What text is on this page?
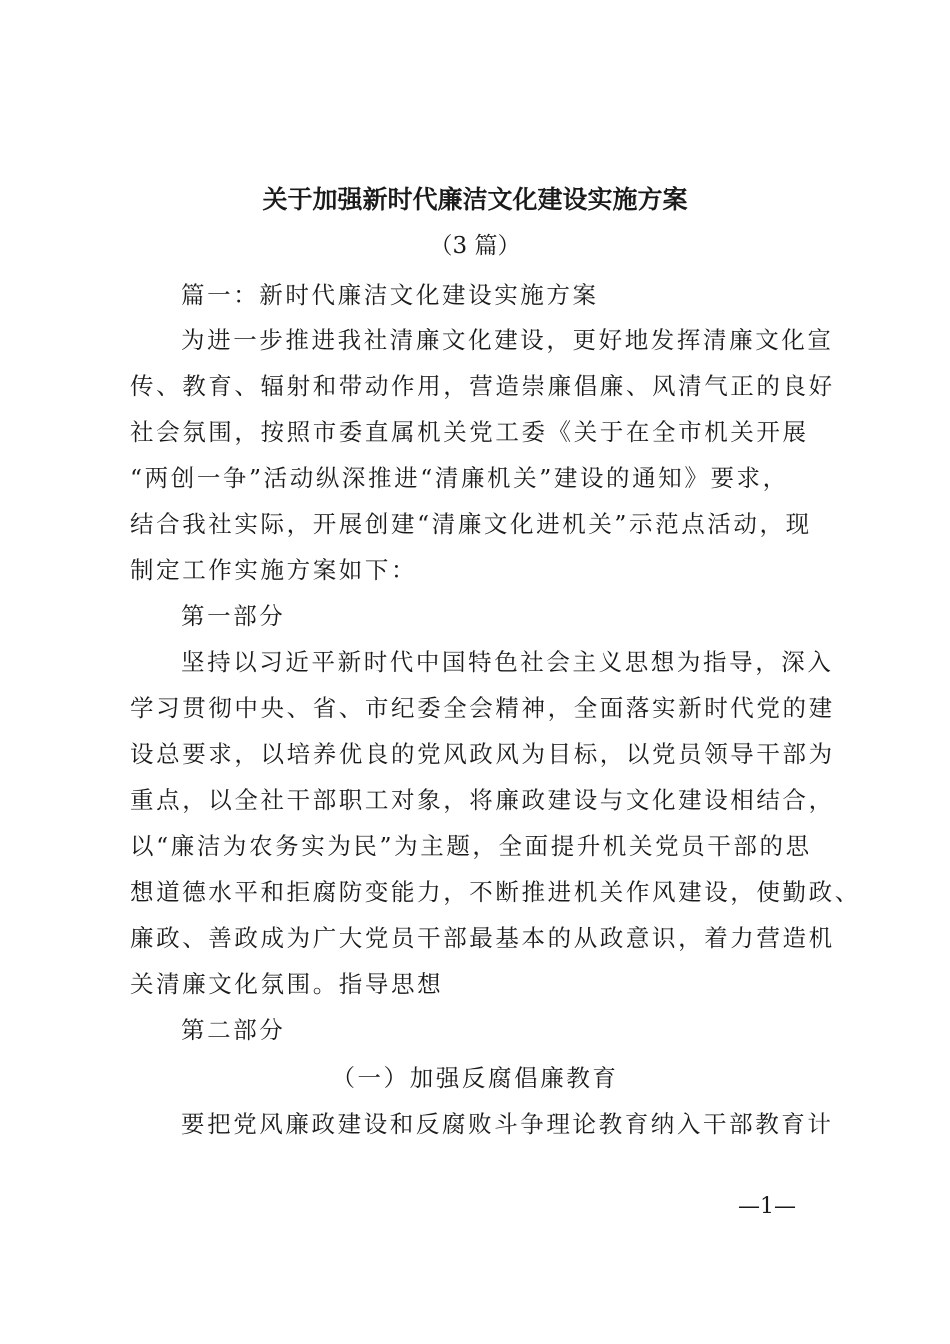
关于加强新时代廉洁文化建设实施方案
（3 篇）
篇一：新时代廉洁文化建设实施方案
为进一步推进我社清廉文化建设，更好地发挥清廉文化宣
传、教育、辐射和带动作用，营造崇廉倡廉、风清气正的良好
社会氛围，按照市委直属机关党工委《关于在全市机关开展
“两创一争”活动纵深推进“清廉机关”建设的通知》要求，
结合我社实际，开展创建“清廉文化进机关”示范点活动，现
制定工作实施方案如下：
第一部分
坚持以习近平新时代中国特色社会主义思想为指导，深入
学习贯彻中央、省、市纪委全会精神，全面落实新时代党的建
设总要求，以培养优良的党风政风为目标，以党员领导干部为
重点，以全社干部职工对象，将廉政建设与文化建设相结合，
以“廉洁为农务实为民”为主题，全面提升机关党员干部的思
想道德水平和拒腐防变能力，不断推进机关作风建设，使勤政、
廉政、善政成为广大党员干部最基本的从政意识，着力营造机
关清廉文化氛围。指导思想
第二部分
（一）加强反腐倡廉教育
要把党风廉政建设和反腐败斗争理论教育纳入干部教育计
—1—
